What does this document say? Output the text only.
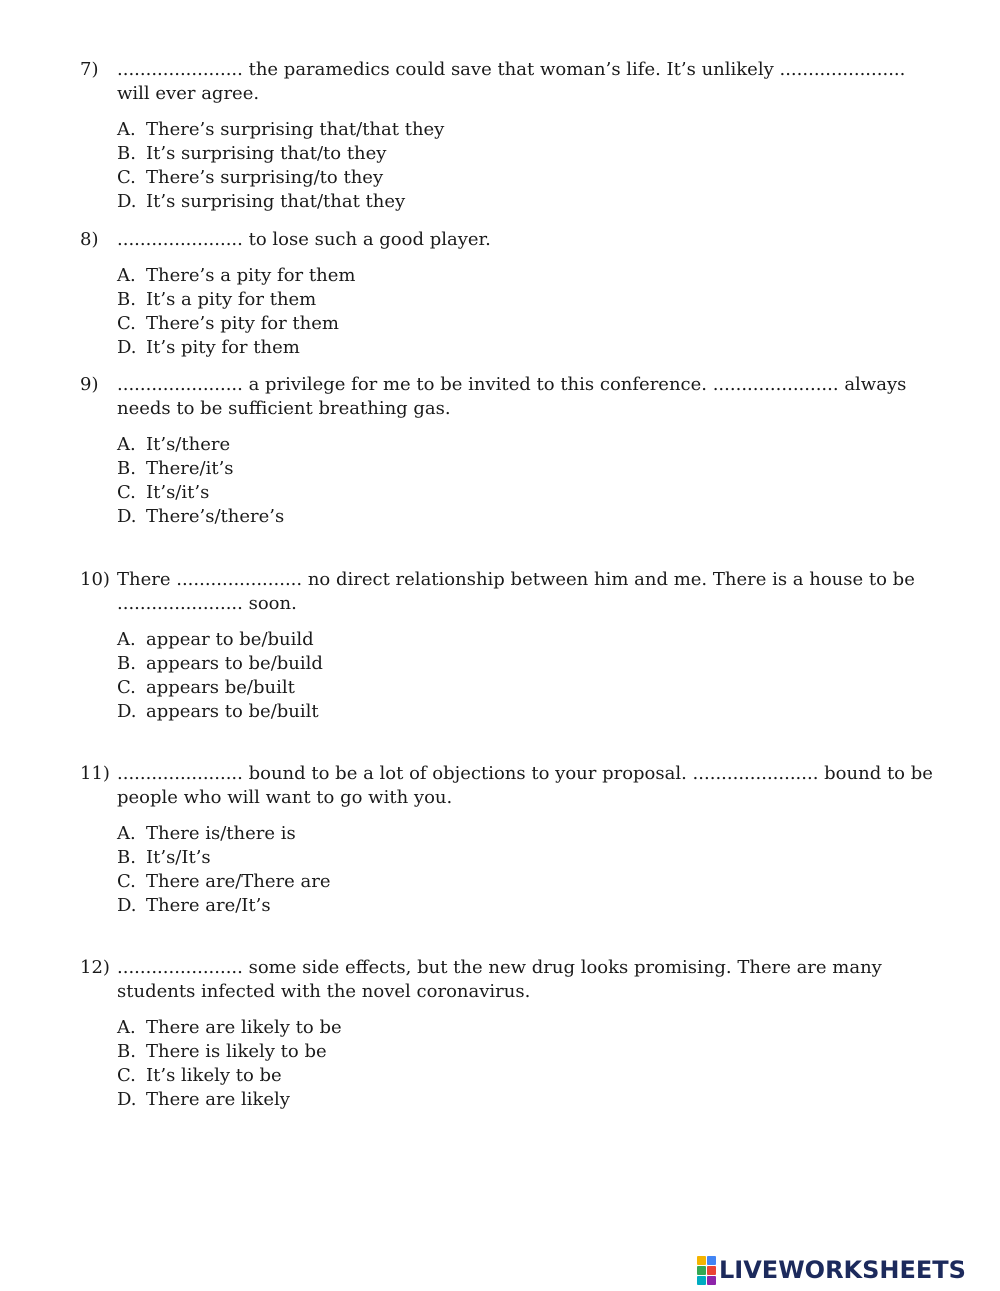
7)	...................... the paramedics could save that woman’s life. It’s unlikely ...................... will ever agree.
A. There’s surprising that/that they
B. It’s surprising that/to they
C. There’s surprising/to they
D. It’s surprising that/that they
8)	...................... to lose such a good player.
A. There’s a pity for them
B. It’s a pity for them
C. There’s pity for them
D. It’s pity for them
9)	...................... a privilege for me to be invited to this conference. ...................... always needs to be sufficient breathing gas.
A. It’s/there
B. There/it’s
C. It’s/it’s
D. There’s/there’s
10) There ...................... no direct relationship between him and me. There is a house to be ...................... soon.
A. appear to be/build
B. appears to be/build
C. appears be/built
D. appears to be/built
11) ...................... bound to be a lot of objections to your proposal. ...................... bound to be people who will want to go with you.
A. There is/there is
B. It’s/It’s
C. There are/There are
D. There are/It’s
12) ...................... some side effects, but the new drug looks promising. There are many students infected with the novel coronavirus.
A. There are likely to be
B. There is likely to be
C. It’s likely to be
D. There are likely
LIVEWORKSHEETS
